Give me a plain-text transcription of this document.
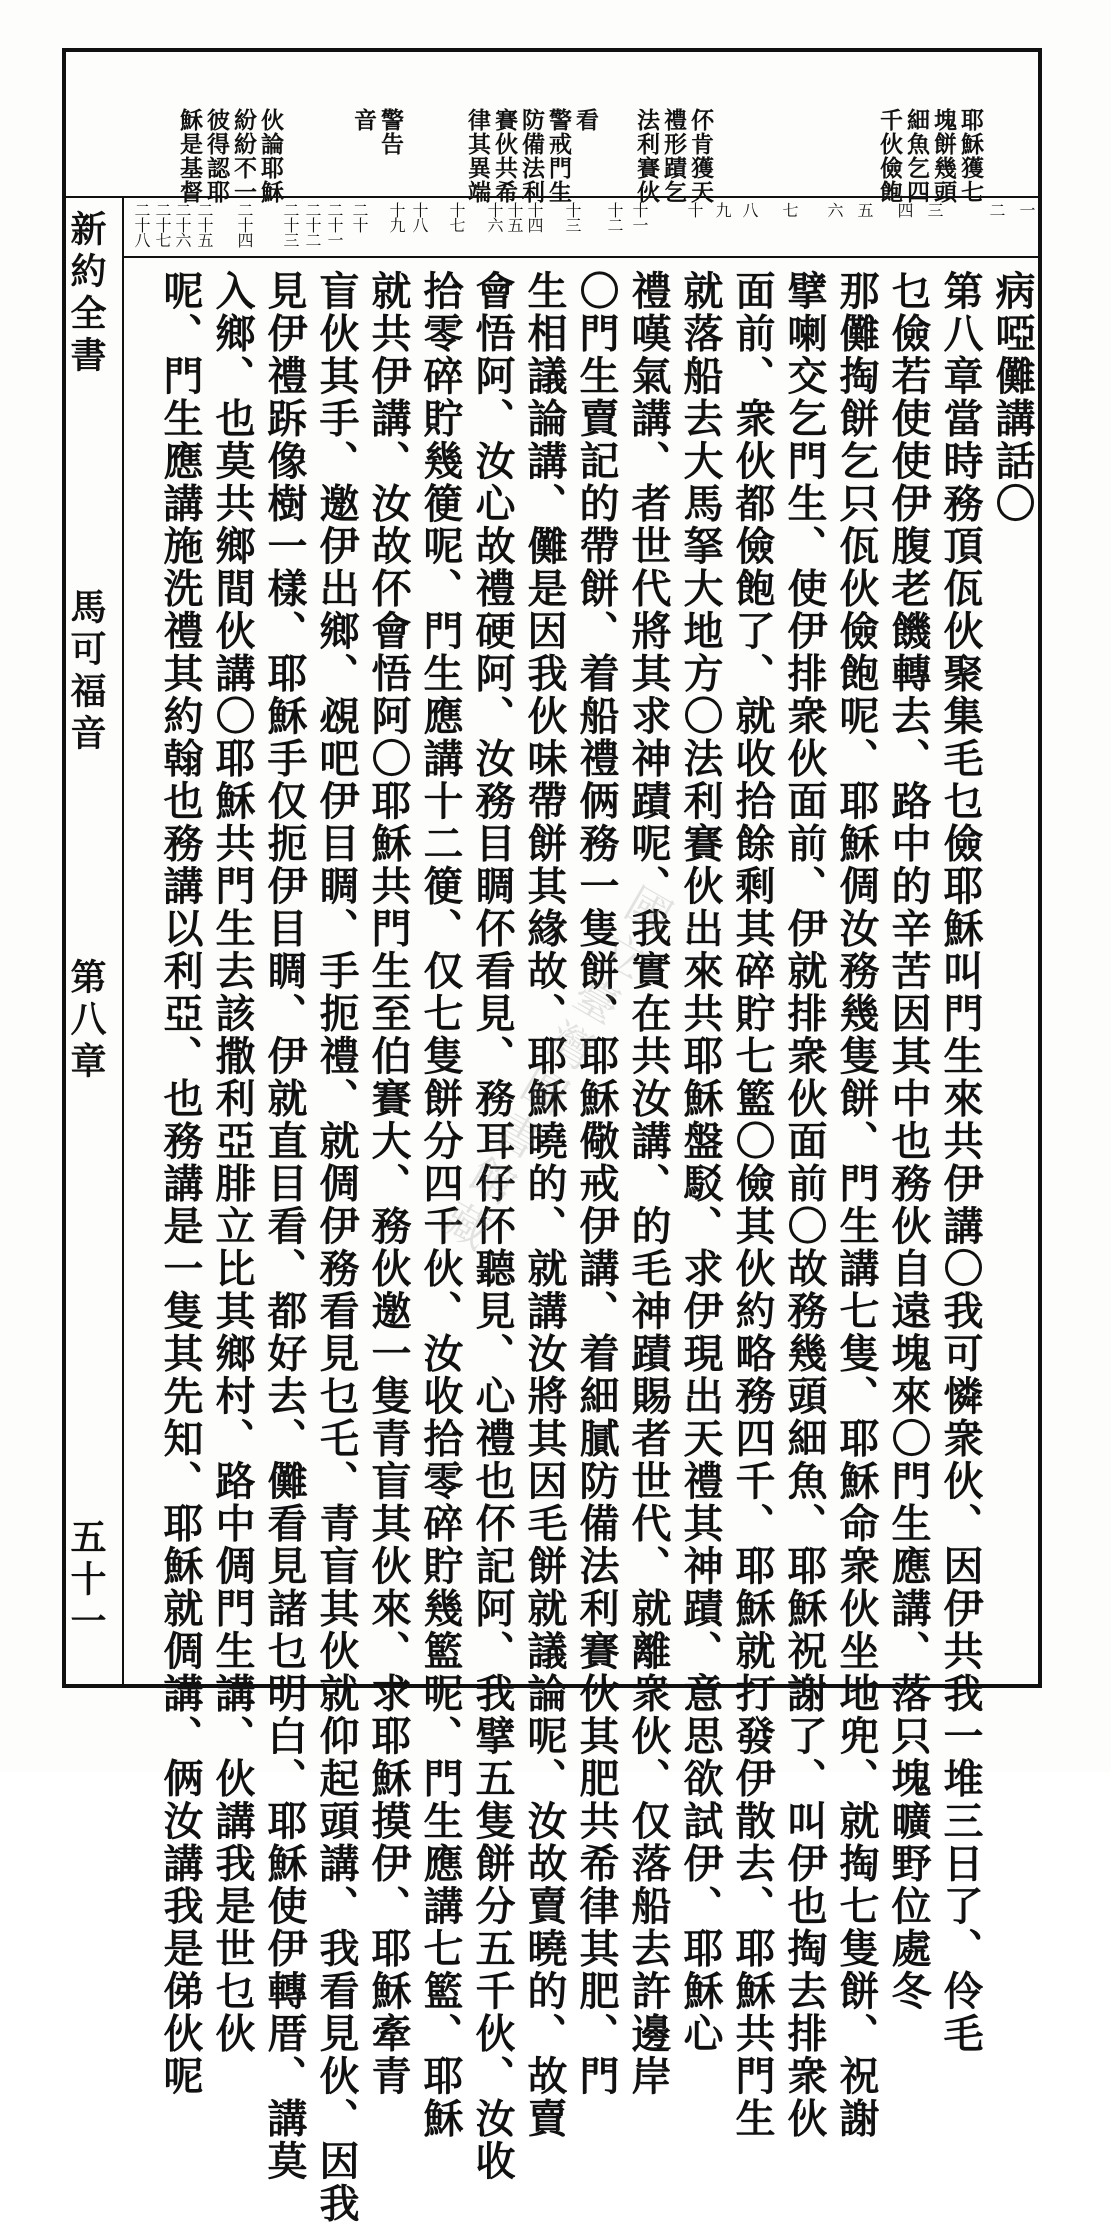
耶穌獲七
塊餅幾頭
細魚乞四
千伙儉飽
伓肯獲天
禮形蹟乞
法利賽伙
看
警戒門生
防備法利
賽伙共希
律其異端
警告
音
伙論耶穌
紛紛不一
彼得認耶
穌是基督
一
二
三
四
五
六
七
八
九
十
十一
十二
十三
十四
十五
十六
十七
十八
十九
二十
二十一
二十二
二十三
二十四
二十五
二十六
二十七
二十八
新約全書
馬可福音
第八章
五十一
病啞儺講話〇
第八章當時務頂佤伙聚集毛乜儉耶穌叫門生來共伊講〇我可憐衆伙、因伊共我一堆三日了、伶毛
乜儉若使使伊腹老饑轉去、路中的辛苦因其中也務伙自遠塊來〇門生應講、落只塊曠野位處冬
那儺掏餅乞只佤伙儉飽呢、耶穌倜汝務幾隻餅、門生講七隻、耶穌命衆伙坐地兜、就掏七隻餅、祝謝
擘喇交乞門生、使伊排衆伙面前、伊就排衆伙面前〇故務幾頭細魚、耶穌祝謝了、叫伊也掏去排衆伙
面前、衆伙都儉飽了、就收拾餘剩其碎貯七籃〇儉其伙約略務四千、耶穌就打發伊散去、耶穌共門生
就落船去大馬拏大地方〇法利賽伙出來共耶穌盤駁、求伊現出天禮其神蹟、意思欲試伊、耶穌心
禮嘆氣講、者世代將其求神蹟呢、我實在共汝講、的毛神蹟賜者世代、就離衆伙、仅落船去許邊岸
〇門生賣記的帶餅、着船禮俩務一隻餅、耶穌儆戒伊講、着細膩防備法利賽伙其肥共希律其肥、門
生相議論講、儺是因我伙味帶餅其緣故、耶穌曉的、就講汝將其因毛餅就議論呢、汝故賣曉的、故賣
會悟阿、汝心故禮硬阿、汝務目睭伓看見、務耳仔伓聽見、心禮也伓記阿、我擘五隻餅分五千伙、汝收
拾零碎貯幾箯呢、門生應講十二箯、仅七隻餅分四千伙、汝收拾零碎貯幾籃呢、門生應講七籃、耶穌
就共伊講、汝故伓會悟阿〇耶穌共門生至伯賽大、務伙邀一隻青盲其伙來、求耶穌摸伊、耶穌牽青
盲伙其手、邀伊出鄉、覕吧伊目睭、手扼禮、就倜伊務看見乜乇、青盲其伙就仰起頭講、我看見伙、因我
見伊禮跅像樹一樣、耶穌手仅扼伊目睭、伊就直目看、都好去、儺看見諸乜明白、耶穌使伊轉厝、講莫
入鄉、也莫共鄉間伙講〇耶穌共門生去該撒利亞腓立比其鄉村、路中倜門生講、伙講我是世乜伙
呢、門生應講施洗禮其約翰也務講以利亞、也務講是一隻其先知、耶穌就倜講、俩汝講我是俤伙呢	國立臺灣圖書館藏
